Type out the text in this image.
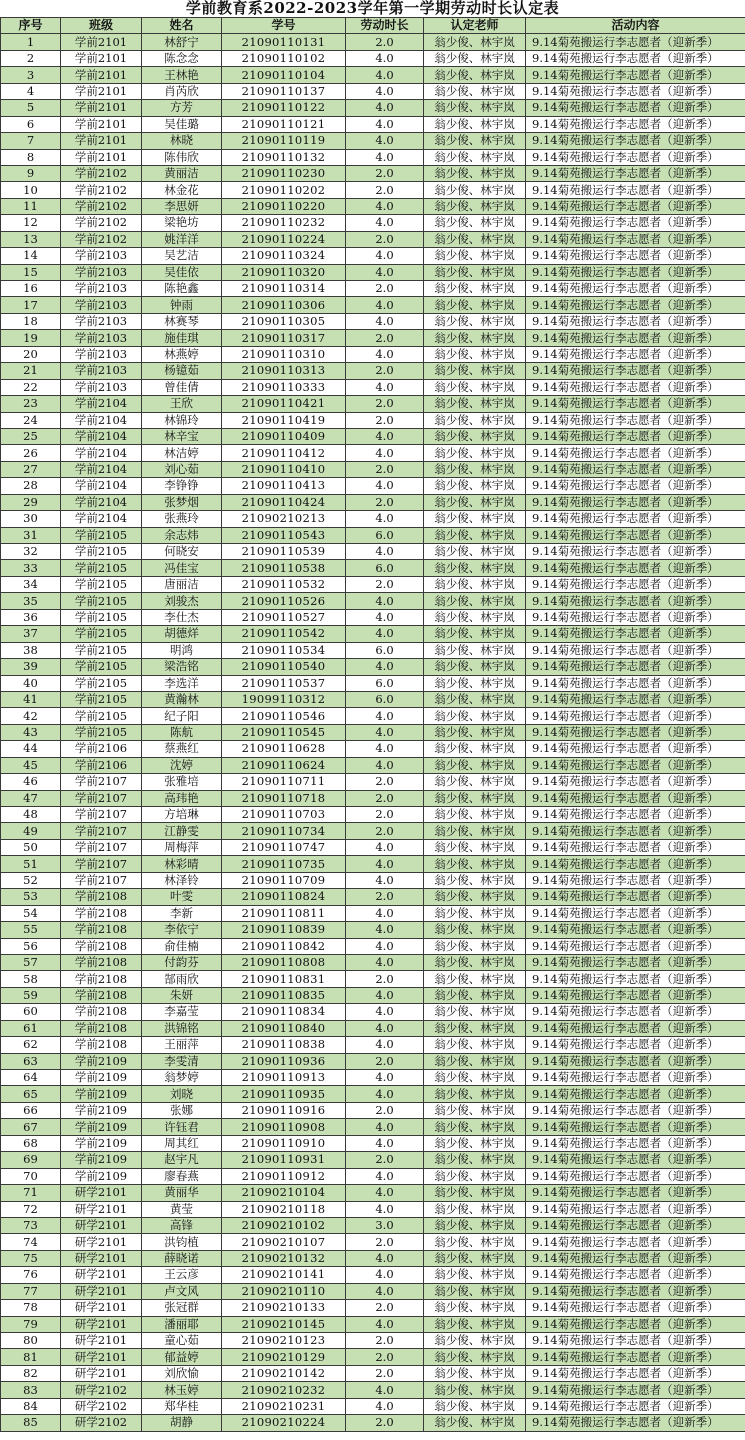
学前教育系2022-2023学年第一学期劳动时长认定表
序号	班级	姓名	学号	劳动时长	认定老师	活动内容
1	学前2101	林舒宁	21090110131	2.0	翁少俊、林宇岚	9.14菊苑搬运行李志愿者（迎新季）
2	学前2101	陈念念	21090110102	4.0	翁少俊、林宇岚	9.14菊苑搬运行李志愿者（迎新季）
3	学前2101	王林艳	21090110104	4.0	翁少俊、林宇岚	9.14菊苑搬运行李志愿者（迎新季）
4	学前2101	肖芮欣	21090110137	4.0	翁少俊、林宇岚	9.14菊苑搬运行李志愿者（迎新季）
5	学前2101	方芳	21090110122	4.0	翁少俊、林宇岚	9.14菊苑搬运行李志愿者（迎新季）
6	学前2101	吴佳璐	21090110121	4.0	翁少俊、林宇岚	9.14菊苑搬运行李志愿者（迎新季）
7	学前2101	林晓	21090110119	4.0	翁少俊、林宇岚	9.14菊苑搬运行李志愿者（迎新季）
8	学前2101	陈伟欣	21090110132	4.0	翁少俊、林宇岚	9.14菊苑搬运行李志愿者（迎新季）
9	学前2102	黄丽洁	21090110230	2.0	翁少俊、林宇岚	9.14菊苑搬运行李志愿者（迎新季）
10	学前2102	林金花	21090110202	2.0	翁少俊、林宇岚	9.14菊苑搬运行李志愿者（迎新季）
11	学前2102	李思妍	21090110220	4.0	翁少俊、林宇岚	9.14菊苑搬运行李志愿者（迎新季）
12	学前2102	梁艳坊	21090110232	4.0	翁少俊、林宇岚	9.14菊苑搬运行李志愿者（迎新季）
13	学前2102	姚洋洋	21090110224	2.0	翁少俊、林宇岚	9.14菊苑搬运行李志愿者（迎新季）
14	学前2103	吴艺洁	21090110324	4.0	翁少俊、林宇岚	9.14菊苑搬运行李志愿者（迎新季）
15	学前2103	吴佳依	21090110320	4.0	翁少俊、林宇岚	9.14菊苑搬运行李志愿者（迎新季）
16	学前2103	陈艳鑫	21090110314	2.0	翁少俊、林宇岚	9.14菊苑搬运行李志愿者（迎新季）
17	学前2103	钟雨	21090110306	4.0	翁少俊、林宇岚	9.14菊苑搬运行李志愿者（迎新季）
18	学前2103	林赛琴	21090110305	4.0	翁少俊、林宇岚	9.14菊苑搬运行李志愿者（迎新季）
19	学前2103	施佳琪	21090110317	2.0	翁少俊、林宇岚	9.14菊苑搬运行李志愿者（迎新季）
20	学前2103	林燕婷	21090110310	4.0	翁少俊、林宇岚	9.14菊苑搬运行李志愿者（迎新季）
21	学前2103	杨镱茹	21090110313	2.0	翁少俊、林宇岚	9.14菊苑搬运行李志愿者（迎新季）
22	学前2103	曾佳倩	21090110333	4.0	翁少俊、林宇岚	9.14菊苑搬运行李志愿者（迎新季）
23	学前2104	王欣	21090110421	2.0	翁少俊、林宇岚	9.14菊苑搬运行李志愿者（迎新季）
24	学前2104	林锦玲	21090110419	2.0	翁少俊、林宇岚	9.14菊苑搬运行李志愿者（迎新季）
25	学前2104	林辛宝	21090110409	4.0	翁少俊、林宇岚	9.14菊苑搬运行李志愿者（迎新季）
26	学前2104	林洁婷	21090110412	4.0	翁少俊、林宇岚	9.14菊苑搬运行李志愿者（迎新季）
27	学前2104	刘心茹	21090110410	2.0	翁少俊、林宇岚	9.14菊苑搬运行李志愿者（迎新季）
28	学前2104	李铮铮	21090110413	4.0	翁少俊、林宇岚	9.14菊苑搬运行李志愿者（迎新季）
29	学前2104	张梦烟	21090110424	2.0	翁少俊、林宇岚	9.14菊苑搬运行李志愿者（迎新季）
30	学前2104	张燕玲	21090210213	4.0	翁少俊、林宇岚	9.14菊苑搬运行李志愿者（迎新季）
31	学前2105	余志炜	21090110543	6.0	翁少俊、林宇岚	9.14菊苑搬运行李志愿者（迎新季）
32	学前2105	何晓安	21090110539	4.0	翁少俊、林宇岚	9.14菊苑搬运行李志愿者（迎新季）
33	学前2105	冯佳宝	21090110538	6.0	翁少俊、林宇岚	9.14菊苑搬运行李志愿者（迎新季）
34	学前2105	唐丽洁	21090110532	2.0	翁少俊、林宇岚	9.14菊苑搬运行李志愿者（迎新季）
35	学前2105	刘骏杰	21090110526	4.0	翁少俊、林宇岚	9.14菊苑搬运行李志愿者（迎新季）
36	学前2105	李仕杰	21090110527	4.0	翁少俊、林宇岚	9.14菊苑搬运行李志愿者（迎新季）
37	学前2105	胡德烊	21090110542	4.0	翁少俊、林宇岚	9.14菊苑搬运行李志愿者（迎新季）
38	学前2105	明鸿	21090110534	6.0	翁少俊、林宇岚	9.14菊苑搬运行李志愿者（迎新季）
39	学前2105	梁浩铭	21090110540	4.0	翁少俊、林宇岚	9.14菊苑搬运行李志愿者（迎新季）
40	学前2105	李选洋	21090110537	6.0	翁少俊、林宇岚	9.14菊苑搬运行李志愿者（迎新季）
41	学前2105	黄瀚林	19099110312	6.0	翁少俊、林宇岚	9.14菊苑搬运行李志愿者（迎新季）
42	学前2105	纪子阳	21090110546	4.0	翁少俊、林宇岚	9.14菊苑搬运行李志愿者（迎新季）
43	学前2105	陈航	21090110545	4.0	翁少俊、林宇岚	9.14菊苑搬运行李志愿者（迎新季）
44	学前2106	蔡燕红	21090110628	4.0	翁少俊、林宇岚	9.14菊苑搬运行李志愿者（迎新季）
45	学前2106	沈婷	21090110624	4.0	翁少俊、林宇岚	9.14菊苑搬运行李志愿者（迎新季）
46	学前2107	张雅培	21090110711	2.0	翁少俊、林宇岚	9.14菊苑搬运行李志愿者（迎新季）
47	学前2107	高玮艳	21090110718	2.0	翁少俊、林宇岚	9.14菊苑搬运行李志愿者（迎新季）
48	学前2107	方培琳	21090110703	2.0	翁少俊、林宇岚	9.14菊苑搬运行李志愿者（迎新季）
49	学前2107	江静雯	21090110734	2.0	翁少俊、林宇岚	9.14菊苑搬运行李志愿者（迎新季）
50	学前2107	周梅萍	21090110747	4.0	翁少俊、林宇岚	9.14菊苑搬运行李志愿者（迎新季）
51	学前2107	林彩晴	21090110735	4.0	翁少俊、林宇岚	9.14菊苑搬运行李志愿者（迎新季）
52	学前2107	林泽铃	21090110709	4.0	翁少俊、林宇岚	9.14菊苑搬运行李志愿者（迎新季）
53	学前2108	叶雯	21090110824	2.0	翁少俊、林宇岚	9.14菊苑搬运行李志愿者（迎新季）
54	学前2108	李新	21090110811	4.0	翁少俊、林宇岚	9.14菊苑搬运行李志愿者（迎新季）
55	学前2108	李依宁	21090110839	4.0	翁少俊、林宇岚	9.14菊苑搬运行李志愿者（迎新季）
56	学前2108	俞佳楠	21090110842	4.0	翁少俊、林宇岚	9.14菊苑搬运行李志愿者（迎新季）
57	学前2108	付韵芬	21090110808	4.0	翁少俊、林宇岚	9.14菊苑搬运行李志愿者（迎新季）
58	学前2108	郜雨欣	21090110831	2.0	翁少俊、林宇岚	9.14菊苑搬运行李志愿者（迎新季）
59	学前2108	朱妍	21090110835	4.0	翁少俊、林宇岚	9.14菊苑搬运行李志愿者（迎新季）
60	学前2108	李嘉莹	21090110834	4.0	翁少俊、林宇岚	9.14菊苑搬运行李志愿者（迎新季）
61	学前2108	洪锦铭	21090110840	4.0	翁少俊、林宇岚	9.14菊苑搬运行李志愿者（迎新季）
62	学前2108	王丽萍	21090110838	4.0	翁少俊、林宇岚	9.14菊苑搬运行李志愿者（迎新季）
63	学前2109	李雯清	21090110936	2.0	翁少俊、林宇岚	9.14菊苑搬运行李志愿者（迎新季）
64	学前2109	翁梦婷	21090110913	4.0	翁少俊、林宇岚	9.14菊苑搬运行李志愿者（迎新季）
65	学前2109	刘晓	21090110935	4.0	翁少俊、林宇岚	9.14菊苑搬运行李志愿者（迎新季）
66	学前2109	张娜	21090110916	2.0	翁少俊、林宇岚	9.14菊苑搬运行李志愿者（迎新季）
67	学前2109	许钰君	21090110908	4.0	翁少俊、林宇岚	9.14菊苑搬运行李志愿者（迎新季）
68	学前2109	周其红	21090110910	4.0	翁少俊、林宇岚	9.14菊苑搬运行李志愿者（迎新季）
69	学前2109	赵宇凡	21090110931	2.0	翁少俊、林宇岚	9.14菊苑搬运行李志愿者（迎新季）
70	学前2109	廖春燕	21090110912	4.0	翁少俊、林宇岚	9.14菊苑搬运行李志愿者（迎新季）
71	研学2101	黄丽华	21090210104	4.0	翁少俊、林宇岚	9.14菊苑搬运行李志愿者（迎新季）
72	研学2101	黄莹	21090210118	4.0	翁少俊、林宇岚	9.14菊苑搬运行李志愿者（迎新季）
73	研学2101	高锋	21090210102	3.0	翁少俊、林宇岚	9.14菊苑搬运行李志愿者（迎新季）
74	研学2101	洪钧植	21090210107	2.0	翁少俊、林宇岚	9.14菊苑搬运行李志愿者（迎新季）
75	研学2101	薛晓诺	21090210132	4.0	翁少俊、林宇岚	9.14菊苑搬运行李志愿者（迎新季）
76	研学2101	王云彦	21090210141	4.0	翁少俊、林宇岚	9.14菊苑搬运行李志愿者（迎新季）
77	研学2101	卢文风	21090210110	4.0	翁少俊、林宇岚	9.14菊苑搬运行李志愿者（迎新季）
78	研学2101	张冠群	21090210133	2.0	翁少俊、林宇岚	9.14菊苑搬运行李志愿者（迎新季）
79	研学2101	潘丽耶	21090210145	4.0	翁少俊、林宇岚	9.14菊苑搬运行李志愿者（迎新季）
80	研学2101	童心茹	21090210123	2.0	翁少俊、林宇岚	9.14菊苑搬运行李志愿者（迎新季）
81	研学2101	郁益婷	21090210129	2.0	翁少俊、林宇岚	9.14菊苑搬运行李志愿者（迎新季）
82	研学2101	刘欣愉	21090210142	2.0	翁少俊、林宇岚	9.14菊苑搬运行李志愿者（迎新季）
83	研学2102	林玉婷	21090210232	4.0	翁少俊、林宇岚	9.14菊苑搬运行李志愿者（迎新季）
84	研学2102	郑华桂	21090210231	4.0	翁少俊、林宇岚	9.14菊苑搬运行李志愿者（迎新季）
85	研学2102	胡静	21090210224	2.0	翁少俊、林宇岚	9.14菊苑搬运行李志愿者（迎新季）
